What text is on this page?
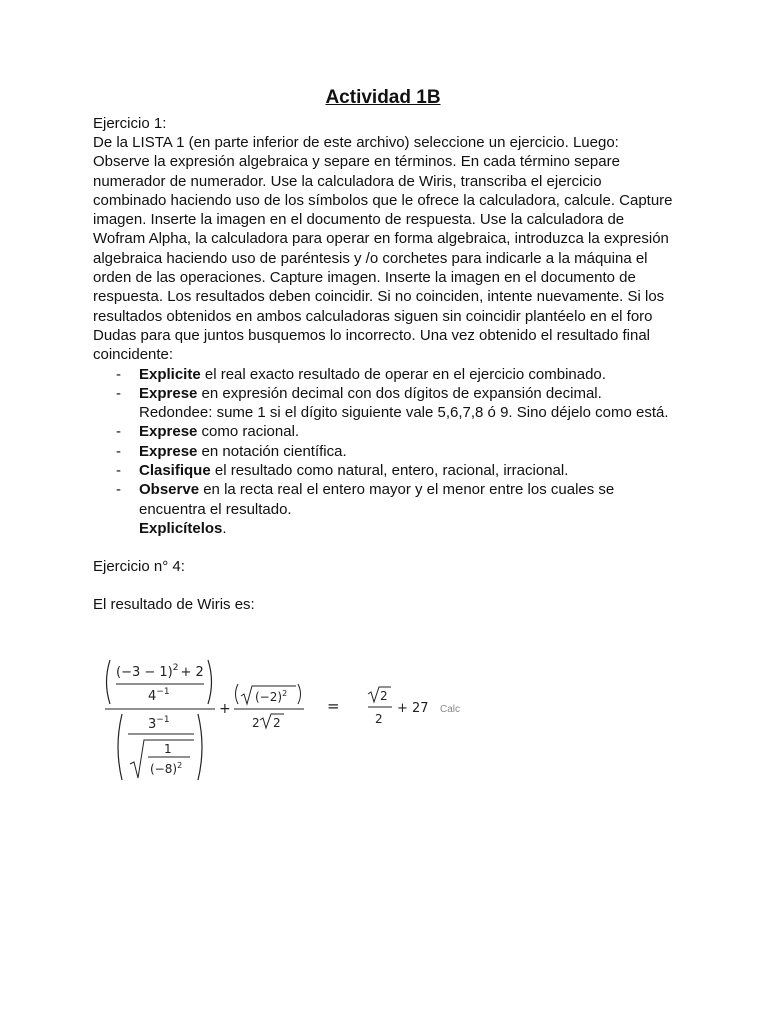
Actividad 1B

Ejercicio 1:

De la LISTA 1 (en parte inferior de este archivo) seleccione un ejercicio. Luego: Observe la expresión algebraica y separe en términos. En cada término separe numerador de numerador. Use la calculadora de Wiris, transcriba el ejercicio combinado haciendo uso de los símbolos que le ofrece la calculadora, calcule. Capture imagen. Inserte la imagen en el documento de respuesta. Use la calculadora de Wofram Alpha, la calculadora para operar en forma algebraica, introduzca la expresión algebraica haciendo uso de paréntesis y /o corchetes para indicarle a la máquina el orden de las operaciones. Capture imagen. Inserte la imagen en el documento de respuesta. Los resultados deben coincidir. Si no coinciden, intente nuevamente. Si los resultados obtenidos en ambos calculadoras siguen sin coincidir plantéelo en el foro Dudas para que juntos busquemos lo incorrecto. Una vez obtenido el resultado final coincidente:

- Explicite el real exacto resultado de operar en el ejercicio combinado.
- Exprese en expresión decimal con dos dígitos de expansión decimal. Redondee: sume 1 si el dígito siguiente vale 5,6,7,8 ó 9. Sino déjelo como está.
- Exprese como racional.
- Exprese en notación científica.
- Clasifique el resultado como natural, entero, racional, irracional.
- Observe en la recta real el entero mayor y el menor entre los cuales se encuentra el resultado.

Explicítelos.

Ejercicio n° 4:

El resultado de Wiris es:

$(-3 - 1)^2 + 2$
$4^{-1}$
$3^{-1}$
1
$(-8)^2$
+
$(-2)^2$
2 2
=
2
2
+ 27 Calc
